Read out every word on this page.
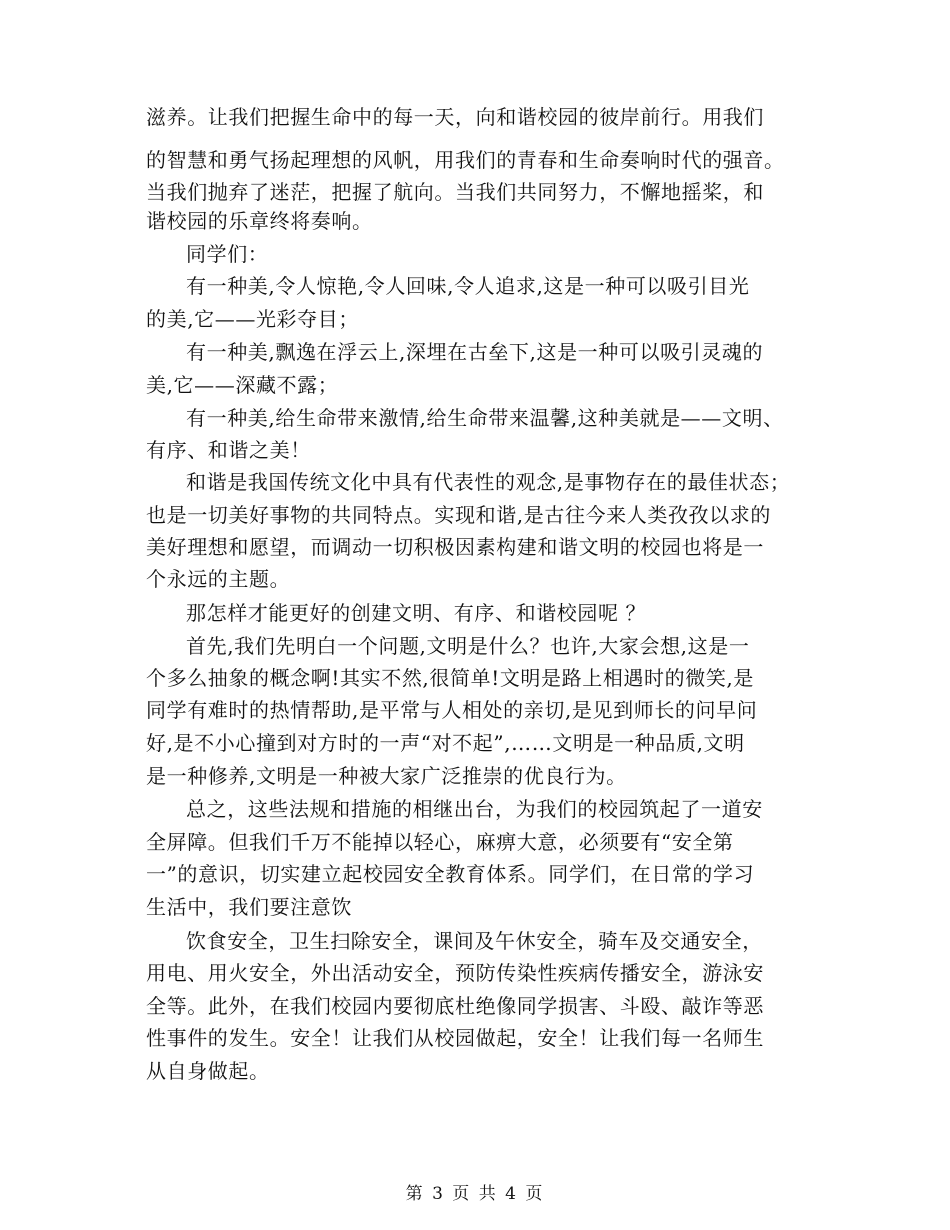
滋养。让我们把握生命中的每一天，向和谐校园的彼岸前行。用我们
的智慧和勇气扬起理想的风帆，用我们的青春和生命奏响时代的强音。
当我们抛弃了迷茫，把握了航向。当我们共同努力，不懈地摇桨，和
谐校园的乐章终将奏响。
同学们：
有一种美,令人惊艳,令人回味,令人追求,这是一种可以吸引目光
的美,它——光彩夺目；
有一种美,飘逸在浮云上,深埋在古垒下,这是一种可以吸引灵魂的
美,它——深藏不露；
有一种美,给生命带来激情,给生命带来温馨,这种美就是——文明、
有序、和谐之美！
和谐是我国传统文化中具有代表性的观念,是事物存在的最佳状态；
也是一切美好事物的共同特点。实现和谐,是古往今来人类孜孜以求的
美好理想和愿望，而调动一切积极因素构建和谐文明的校园也将是一
个永远的主题。
那怎样才能更好的创建文明、有序、和谐校园呢 ？
首先,我们先明白一个问题,文明是什么？也许,大家会想,这是一
个多么抽象的概念啊!其实不然,很简单!文明是路上相遇时的微笑,是
同学有难时的热情帮助,是平常与人相处的亲切,是见到师长的问早问
好,是不小心撞到对方时的一声“对不起”,……文明是一种品质,文明
是一种修养,文明是一种被大家广泛推崇的优良行为。
总之，这些法规和措施的相继出台，为我们的校园筑起了一道安
全屏障。但我们千万不能掉以轻心，麻痹大意，必须要有“安全第
一”的意识，切实建立起校园安全教育体系。同学们，在日常的学习
生活中，我们要注意饮
饮食安全，卫生扫除安全，课间及午休安全，骑车及交通安全，
用电、用火安全，外出活动安全，预防传染性疾病传播安全，游泳安
全等。此外，在我们校园内要彻底杜绝像同学损害、斗殴、敲诈等恶
性事件的发生。安全！让我们从校园做起，安全！让我们每一名师生
从自身做起。
第 3 页 共 4 页
